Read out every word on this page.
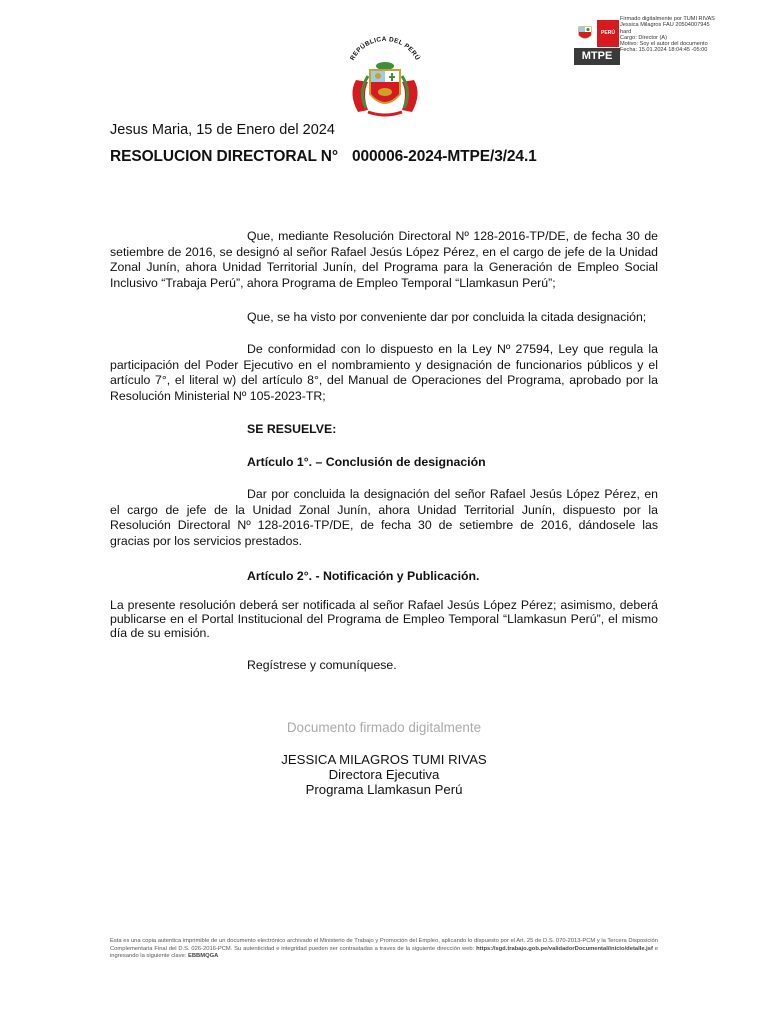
PERÚ
MTPE
Firmado digitalmente por TUMI RIVAS
Jessica Milagros FAU 20504007945
hard
Cargo: Director (A)
Motivo: Soy el autor del documento
Fecha: 15.01.2024 18:04:45 -05:00
REPÚBLICA DEL PERÚ
Jesus Maria, 15 de Enero del 2024
RESOLUCION DIRECTORAL N° 000006-2024-MTPE/3/24.1
Que, mediante Resolución Directoral Nº 128-2016-TP/DE, de fecha 30 de setiembre de 2016, se designó al señor Rafael Jesús López Pérez, en el cargo de jefe de la Unidad Zonal Junín, ahora Unidad Territorial Junín, del Programa para la Generación de Empleo Social Inclusivo “Trabaja Perú”, ahora Programa de Empleo Temporal “Llamkasun Perú”;
Que, se ha visto por conveniente dar por concluida la citada designación;
De conformidad con lo dispuesto en la Ley Nº 27594, Ley que regula la participación del Poder Ejecutivo en el nombramiento y designación de funcionarios públicos y el artículo 7°, el literal w) del artículo 8°, del Manual de Operaciones del Programa, aprobado por la Resolución Ministerial Nº 105-2023-TR;
SE RESUELVE:
Artículo 1°. – Conclusión de designación
Dar por concluida la designación del señor Rafael Jesús López Pérez, en el cargo de jefe de la Unidad Zonal Junín, ahora Unidad Territorial Junín, dispuesto por la Resolución Directoral Nº 128-2016-TP/DE, de fecha 30 de setiembre de 2016, dándosele las gracias por los servicios prestados.
Artículo 2°. - Notificación y Publicación.
La presente resolución deberá ser notificada al señor Rafael Jesús López Pérez; asimismo, deberá publicarse en el Portal Institucional del Programa de Empleo Temporal “Llamkasun Perú”, el mismo día de su emisión.
Regístrese y comuníquese.
Documento firmado digitalmente
JESSICA MILAGROS TUMI RIVAS
Directora Ejecutiva
Programa Llamkasun Perú
Esta es una copia autentica imprimible de un documento electrónico archivado el Ministerio de Trabajo y Promoción del Empleo, aplicando lo dispuesto por el Art. 25 de D.S. 070-2013-PCM y la Tercera Disposición Complementaria Final del D.S. 026-2016-PCM. Su autenticidad e integridad pueden ser contrastadas a traves de la siguiente dirección web: https://sgd.trabajo.gob.pe/validadorDocumental/inicio/detalle.jsf e ingresando la siguiente clave: EBBMQGA
